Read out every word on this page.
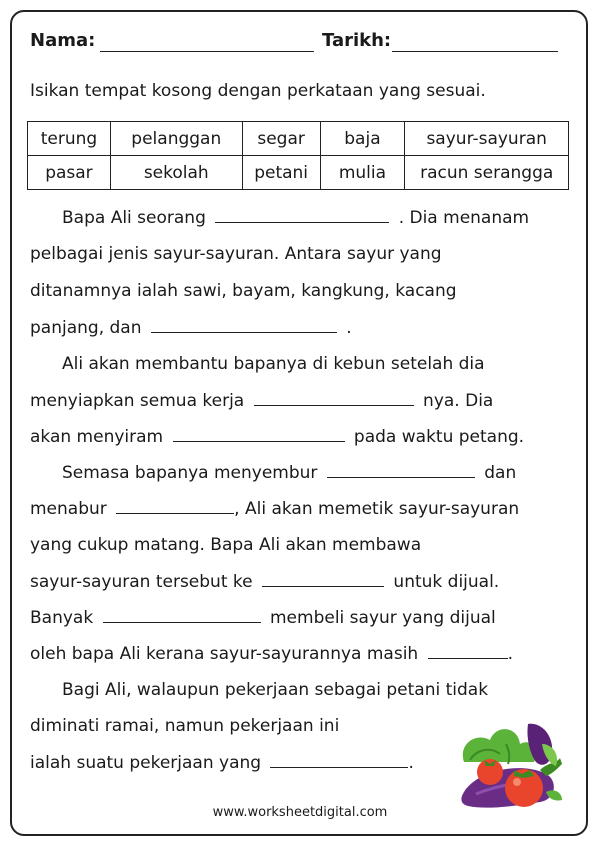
Nama:	Tarikh:
Isikan tempat kosong dengan perkataan yang sesuai.
terung	pelanggan	segar	baja	sayur-sayuran
pasar	sekolah	petani	mulia	racun serangga
Bapa Ali seorang	. Dia menanam
pelbagai jenis sayur-sayuran. Antara sayur yang
ditanamnya ialah sawi, bayam, kangkung, kacang
panjang, dan	.
Ali akan membantu bapanya di kebun setelah dia
menyiapkan semua kerja	nya. Dia
akan menyiram	pada waktu petang.
Semasa bapanya menyembur	dan
menabur	, Ali akan memetik sayur-sayuran
yang cukup matang. Bapa Ali akan membawa
sayur-sayuran tersebut ke	untuk dijual.
Banyak	membeli sayur yang dijual
oleh bapa Ali kerana sayur-sayurannya masih	.
Bagi Ali, walaupun pekerjaan sebagai petani tidak
diminati ramai, namun pekerjaan ini
ialah suatu pekerjaan yang	.
www.worksheetdigital.com
